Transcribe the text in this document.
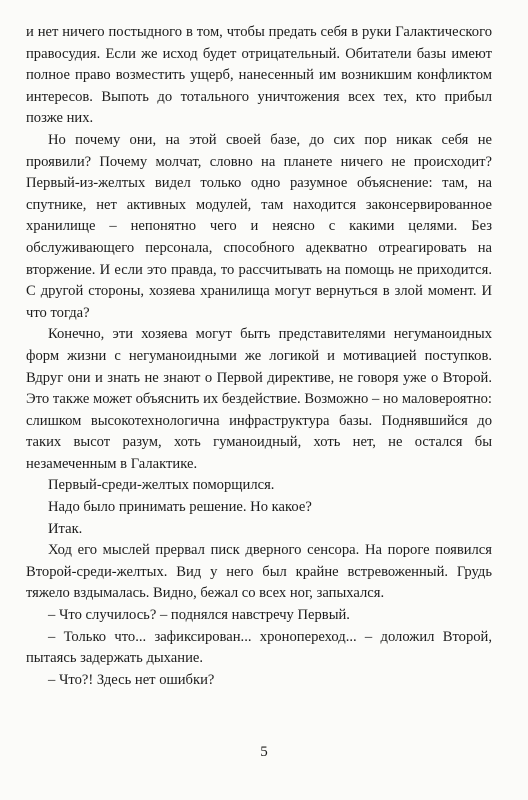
и нет ничего постыдного в том, чтобы предать себя в руки Галактического правосудия. Если же исход будет отрицательный. Обитатели базы имеют полное право возместить ущерб, нанесенный им возникшим конфликтом интересов. Выпоть до тотального уничтожения всех тех, кто прибыл позже них.

Но почему они, на этой своей базе, до сих пор никак себя не проявили? Почему молчат, словно на планете ничего не происходит? Первый-из-желтых видел только одно разумное объяснение: там, на спутнике, нет активных модулей, там находится законсервированное хранилище – непонятно чего и неясно с какими целями. Без обслуживающего персонала, способного адекватно отреагировать на вторжение. И если это правда, то рассчитывать на помощь не приходится. С другой стороны, хозяева хранилища могут вернуться в злой момент. И что тогда?

Конечно, эти хозяева могут быть представителями негуманоидных форм жизни с негуманоидными же логикой и мотивацией поступков. Вдруг они и знать не знают о Первой директиве, не говоря уже о Второй. Это также может объяснить их бездействие. Возможно – но маловероятно: слишком высокотехнологична инфраструктура базы. Поднявшийся до таких высот разум, хоть гуманоидный, хоть нет, не остался бы незамеченным в Галактике.

Первый-среди-желтых поморщился.

Надо было принимать решение. Но какое?

Итак.

Ход его мыслей прервал писк дверного сенсора. На пороге появился Второй-среди-желтых. Вид у него был крайне встревоженный. Грудь тяжело вздымалась. Видно, бежал со всех ног, запыхался.

– Что случилось? – поднялся навстречу Первый.

– Только что... зафиксирован... хронопереход... – доложил Второй, пытаясь задержать дыхание.

– Что?! Здесь нет ошибки?

5
